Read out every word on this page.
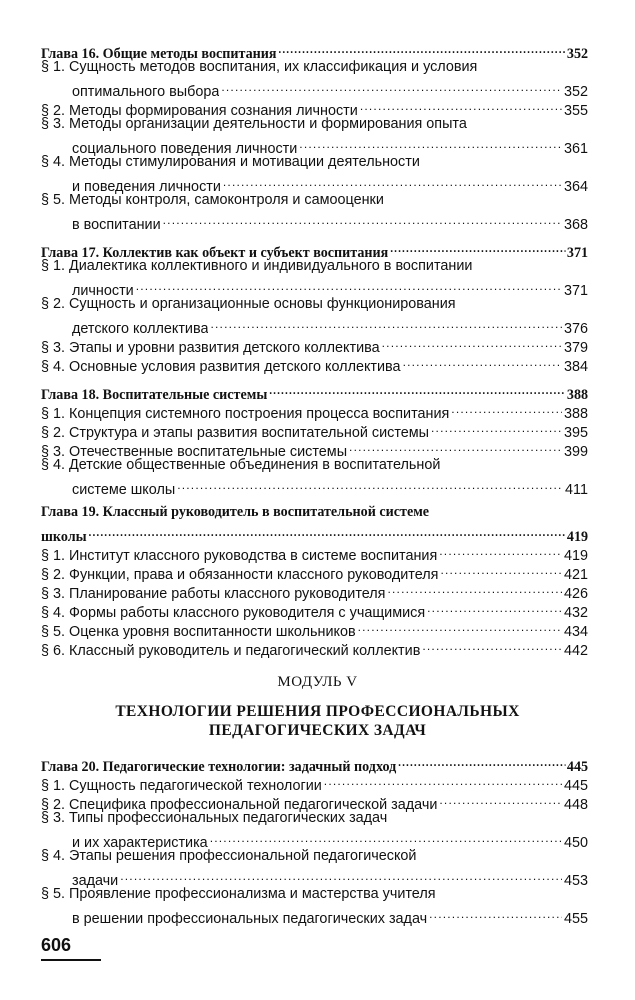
Глава 16. Общие методы воспитания .....	352
§ 1. Сущность методов воспитания, их классификация и условия
оптимального выбора .....	352
§ 2. Методы формирования сознания личности .....	355
§ 3. Методы организации деятельности и формирования опыта
социального поведения личности .....	361
§ 4. Методы стимулирования и мотивации деятельности
и поведения личности .....	364
§ 5. Методы контроля, самоконтроля и самооценки
в воспитании .....	368
Глава 17. Коллектив как объект и субъект воспитания .....	371
§ 1. Диалектика коллективного и индивидуального в воспитании
личности .....	371
§ 2. Сущность и организационные основы функционирования
детского коллектива .....	376
§ 3. Этапы и уровни развития детского коллектива .....	379
§ 4. Основные условия развития детского коллектива .....	384
Глава 18. Воспитательные системы .....	388
§ 1. Концепция системного построения процесса воспитания .....	388
§ 2. Структура и этапы развития воспитательной системы .....	395
§ 3. Отечественные воспитательные системы .....	399
§ 4. Детские общественные объединения в воспитательной
системе школы .....	411
Глава 19. Классный руководитель в воспитательной системе
школы .....	419
§ 1. Институт классного руководства в системе воспитания .....	419
§ 2. Функции, права и обязанности классного руководителя .....	421
§ 3. Планирование работы классного руководителя .....	426
§ 4. Формы работы классного руководителя с учащимися .....	432
§ 5. Оценка уровня воспитанности школьников .....	434
§ 6. Классный руководитель и педагогический коллектив .....	442
МОДУЛЬ V
ТЕХНОЛОГИИ РЕШЕНИЯ ПРОФЕССИОНАЛЬНЫХ
ПЕДАГОГИЧЕСКИХ ЗАДАЧ
Глава 20. Педагогические технологии: задачный подход .....	445
§ 1. Сущность педагогической технологии .....	445
§ 2. Специфика профессиональной педагогической задачи .....	448
§ 3. Типы профессиональных педагогических задач
и их характеристика .....	450
§ 4. Этапы решения профессиональной педагогической
задачи .....	453
§ 5. Проявление профессионализма и мастерства учителя
в решении профессиональных педагогических задач .....	455
606
